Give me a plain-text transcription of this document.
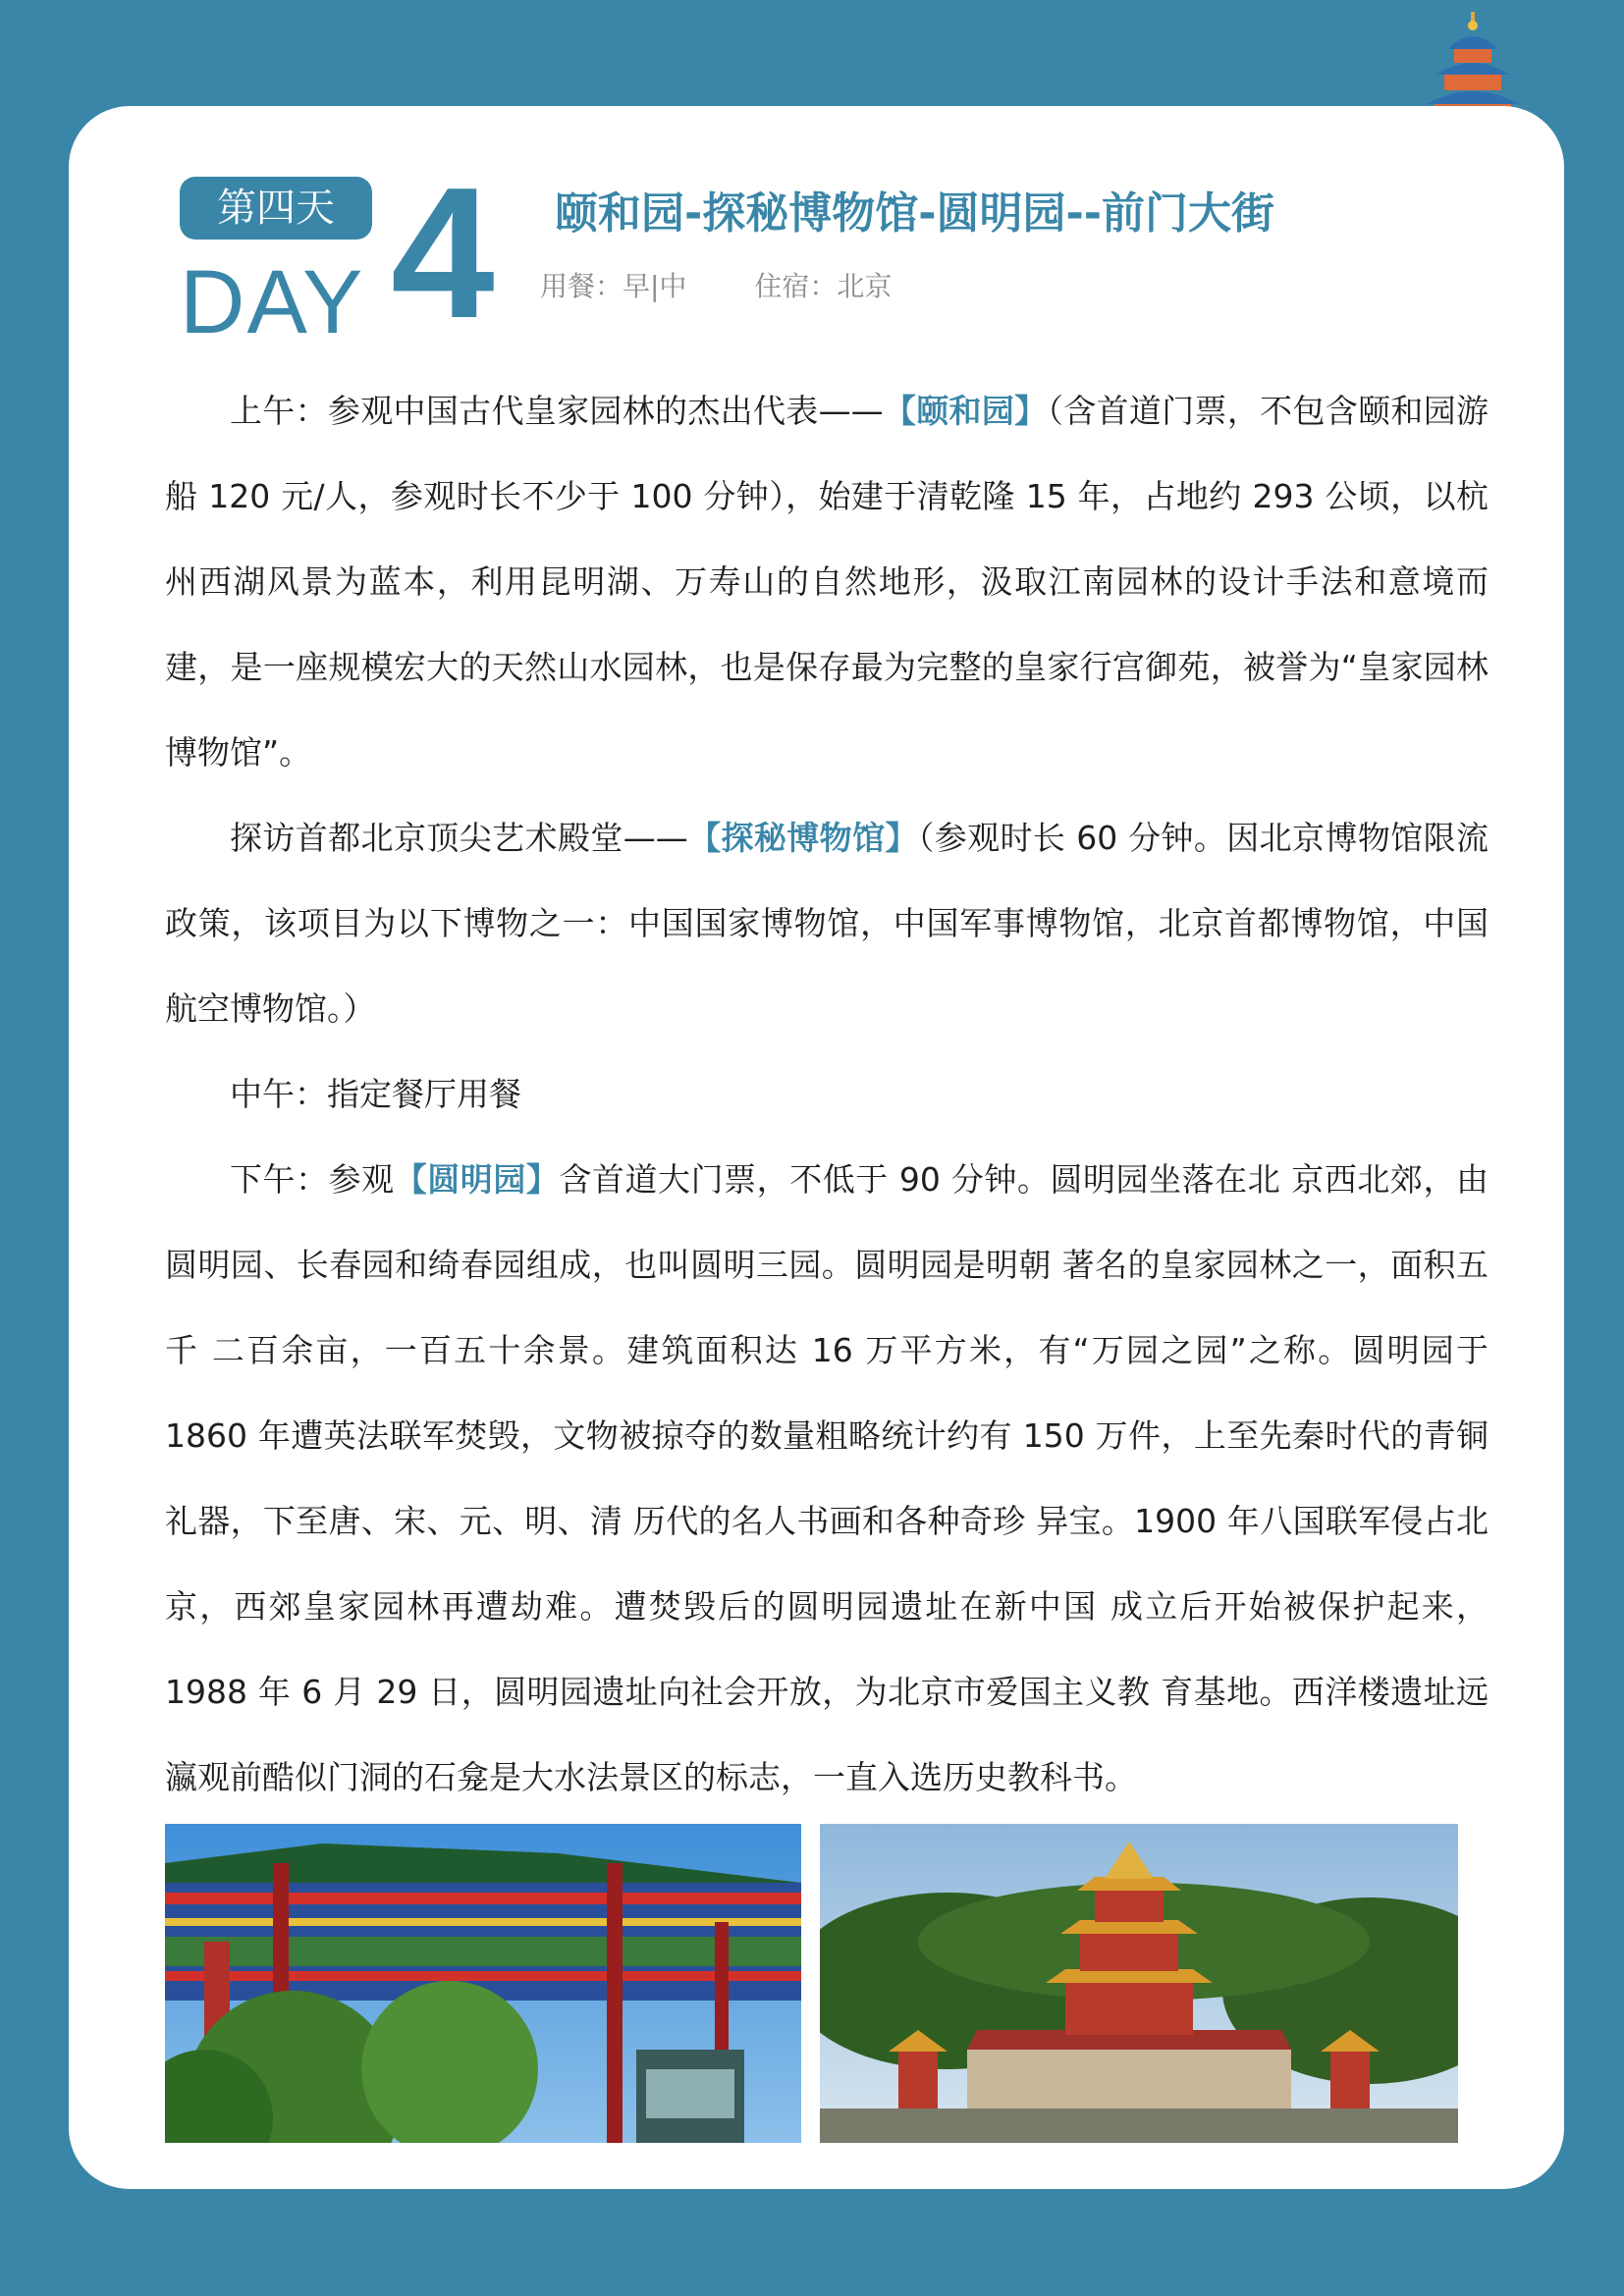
第四天
DAY 4 颐和园-探秘博物馆-圆明园--前门大街
用餐：早|中 住宿：北京

上午：参观中国古代皇家园林的杰出代表——【颐和园】（含首道门票，不包含颐和园游船 120 元/人，参观时长不少于 100 分钟），始建于清乾隆 15 年，占地约 293 公顷，以杭州西湖风景为蓝本，利用昆明湖、万寿山的自然地形，汲取江南园林的设计手法和意境而建，是一座规模宏大的天然山水园林，也是保存最为完整的皇家行宫御苑，被誉为“皇家园林博物馆”。

探访首都北京顶尖艺术殿堂——【探秘博物馆】（参观时长 60 分钟。因北京博物馆限流政策，该项目为以下博物之一：中国国家博物馆，中国军事博物馆，北京首都博物馆，中国航空博物馆。）

中午：指定餐厅用餐

下午：参观【圆明园】含首道大门票，不低于 90 分钟。圆明园坐落在北 京西北郊，由圆明园、长春园和绮春园组成，也叫圆明三园。圆明园是明朝 著名的皇家园林之一，面积五千 二百余亩，一百五十余景。建筑面积达 16 万平方米，有“万园之园”之称。圆明园于 1860 年遭英法联军焚毁，文物被掠夺的数量粗略统计约有 150 万件，上至先秦时代的青铜礼器，下至唐、宋、元、明、清 历代的名人书画和各种奇珍 异宝。1900 年八国联军侵占北京，西郊皇家园林再遭劫难。遭焚毁后的圆明园遗址在新中国 成立后开始被保护起来，1988 年 6 月 29 日，圆明园遗址向社会开放，为北京市爱国主义教 育基地。西洋楼遗址远瀛观前酷似门洞的石龛是大水法景区的标志，一直入选历史教科书。
